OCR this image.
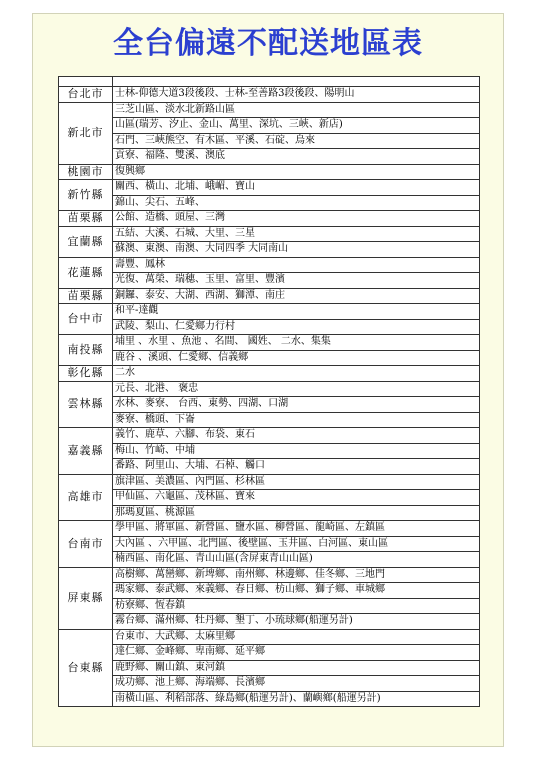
全台偏遠不配送地區表

台北市	士林-仰德大道3段後段、士林-至善路3段後段、陽明山
新北市	三芝山區、淡水北新路山區
	山區(瑞芳、汐止、金山、萬里、深坑、三峽、新店)
	石門、三峽熊空、有木區、平溪、石碇、烏來
	貢寮、福隆、雙溪、澳底
桃園市	復興鄉
新竹縣	關西、橫山、北埔、峨嵋、寶山
	錦山、尖石、五峰、
苗栗縣	公館、造橋、頭屋、三灣
宜蘭縣	五結、大溪、石城、大里、三星
	蘇澳、東澳、南澳、大同四季 大同南山
花蓮縣	壽豐、鳳林
	光復、萬榮、瑞穗、玉里、富里、豐濱
苗栗縣	銅鑼、泰安、大湖、西湖、獅潭、南庄
台中市	和平-達觀
	武陵、梨山、仁愛鄉力行村
南投縣	埔里 、水里 、魚池 、名間、 國姓、 二水、集集
	鹿谷 、溪頭、仁愛鄉、信義鄉
彰化縣	二水
雲林縣	元長、北港、 褒忠
	水林、麥寮、 台西、東勢、四湖、口湖
	麥寮、橋頭、下崙
嘉義縣	義竹、鹿草、六腳、布袋、東石
	梅山、竹崎、中埔
	番路、阿里山、大埔、石棹、觸口
高雄市	旗津區、美濃區、內門區、杉林區
	甲仙區、六龜區、茂林區、寶來
	那瑪夏區、桃源區
台南市	學甲區、將軍區、新營區、鹽水區、柳營區、龍崎區、左鎮區
	大內區 、六甲區、北門區、後壁區、玉井區、白河區、東山區
	楠西區、南化區、青山山區(含屏東青山山區)
屏東縣	高樹鄉、萬巒鄉、新埤鄉、南州鄉、林邊鄉、佳冬鄉、三地門
	瑪家鄉、泰武鄉、來義鄉、春日鄉、枋山鄉、獅子鄉、車城鄉
	枋寮鄉、恆春鎮
	霧台鄉、滿州鄉、牡丹鄉、墾丁、小琉球鄉(船運另計)
台東縣	台東市、大武鄉、太麻里鄉
	達仁鄉、金峰鄉、卑南鄉、延平鄉
	鹿野鄉、關山鎮、東河鎮
	成功鄉、池上鄉、海端鄉、長濱鄉
	南橫山區、利稻部落、綠島鄉(船運另計)、蘭嶼鄉(船運另計)
